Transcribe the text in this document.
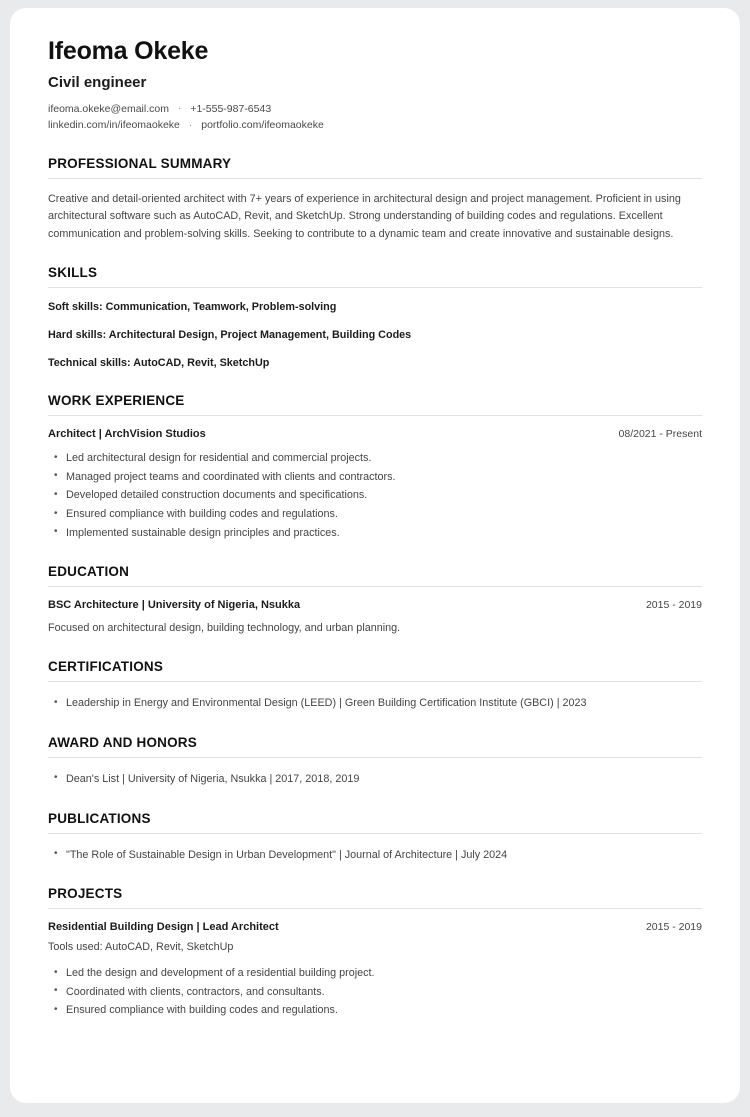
Ifeoma Okeke
Civil engineer
ifeoma.okeke@email.com · +1-555-987-6543
linkedin.com/in/ifeomaokeke · portfolio.com/ifeomaokeke
PROFESSIONAL SUMMARY

Creative and detail-oriented architect with 7+ years of experience in architectural design and project management. Proficient in using architectural software such as AutoCAD, Revit, and SketchUp. Strong understanding of building codes and regulations. Excellent communication and problem-solving skills. Seeking to contribute to a dynamic team and create innovative and sustainable designs.

SKILLS

Soft skills: Communication, Teamwork, Problem-solving

Hard skills: Architectural Design, Project Management, Building Codes

Technical skills: AutoCAD, Revit, SketchUp

WORK EXPERIENCE
Architect | ArchVision Studios	08/2021 - Present
• Led architectural design for residential and commercial projects.
• Managed project teams and coordinated with clients and contractors.
• Developed detailed construction documents and specifications.
• Ensured compliance with building codes and regulations.
• Implemented sustainable design principles and practices.
EDUCATION
BSC Architecture | University of Nigeria, Nsukka	2015 - 2019

Focused on architectural design, building technology, and urban planning.

CERTIFICATIONS
• Leadership in Energy and Environmental Design (LEED) | Green Building Certification Institute (GBCI) | 2023
AWARD AND HONORS
• Dean's List | University of Nigeria, Nsukka | 2017, 2018, 2019
PUBLICATIONS
• "The Role of Sustainable Design in Urban Development" | Journal of Architecture | July 2024
PROJECTS
Residential Building Design | Lead Architect	2015 - 2019

Tools used: AutoCAD, Revit, SketchUp

• Led the design and development of a residential building project.
• Coordinated with clients, contractors, and consultants.
• Ensured compliance with building codes and regulations.
